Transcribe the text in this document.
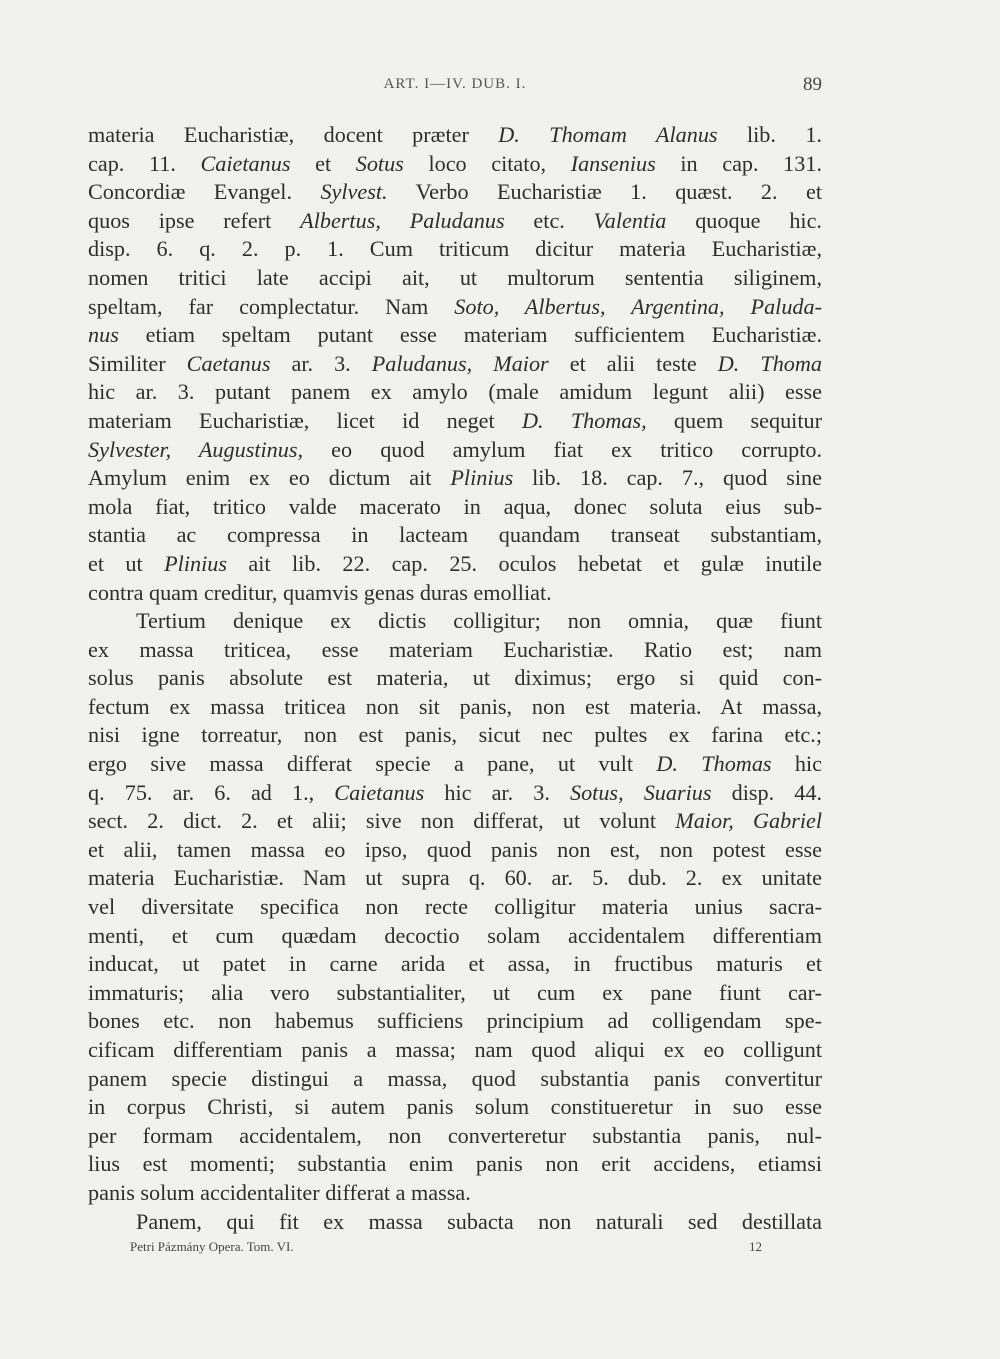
ART. I—IV. DUB. I.	89
materia Eucharistiæ, docent præter D. Thomam Alanus lib. 1.
cap. 11. Caietanus et Sotus loco citato, Iansenius in cap. 131.
Concordiæ Evangel. Sylvest. Verbo Eucharistiæ 1. quæst. 2. et
quos ipse refert Albertus, Paludanus etc. Valentia quoque hic.
disp. 6. q. 2. p. 1. Cum triticum dicitur materia Eucharistiæ,
nomen tritici late accipi ait, ut multorum sententia siliginem,
speltam, far complectatur. Nam Soto, Albertus, Argentina, Paluda-
nus etiam speltam putant esse materiam sufficientem Eucharistiæ.
Similiter Caetanus ar. 3. Paludanus, Maior et alii teste D. Thoma
hic ar. 3. putant panem ex amylo (male amidum legunt alii) esse
materiam Eucharistiæ, licet id neget D. Thomas, quem sequitur
Sylvester, Augustinus, eo quod amylum fiat ex tritico corrupto.
Amylum enim ex eo dictum ait Plinius lib. 18. cap. 7., quod sine
mola fiat, tritico valde macerato in aqua, donec soluta eius sub-
stantia ac compressa in lacteam quandam transeat substantiam,
et ut Plinius ait lib. 22. cap. 25. oculos hebetat et gulæ inutile
contra quam creditur, quamvis genas duras emolliat.
Tertium denique ex dictis colligitur; non omnia, quæ fiunt
ex massa triticea, esse materiam Eucharistiæ. Ratio est; nam
solus panis absolute est materia, ut diximus; ergo si quid con-
fectum ex massa triticea non sit panis, non est materia. At massa,
nisi igne torreatur, non est panis, sicut nec pultes ex farina etc.;
ergo sive massa differat specie a pane, ut vult D. Thomas hic
q. 75. ar. 6. ad 1., Caietanus hic ar. 3. Sotus, Suarius disp. 44.
sect. 2. dict. 2. et alii; sive non differat, ut volunt Maior, Gabriel
et alii, tamen massa eo ipso, quod panis non est, non potest esse
materia Eucharistiæ. Nam ut supra q. 60. ar. 5. dub. 2. ex unitate
vel diversitate specifica non recte colligitur materia unius sacra-
menti, et cum quædam decoctio solam accidentalem differentiam
inducat, ut patet in carne arida et assa, in fructibus maturis et
immaturis; alia vero substantialiter, ut cum ex pane fiunt car-
bones etc. non habemus sufficiens principium ad colligendam spe-
cificam differentiam panis a massa; nam quod aliqui ex eo colligunt
panem specie distingui a massa, quod substantia panis convertitur
in corpus Christi, si autem panis solum constitueretur in suo esse
per formam accidentalem, non converteretur substantia panis, nul-
lius est momenti; substantia enim panis non erit accidens, etiamsi
panis solum accidentaliter differat a massa.
Panem, qui fit ex massa subacta non naturali sed destillata
Petri Pázmány Opera. Tom. VI.	12
